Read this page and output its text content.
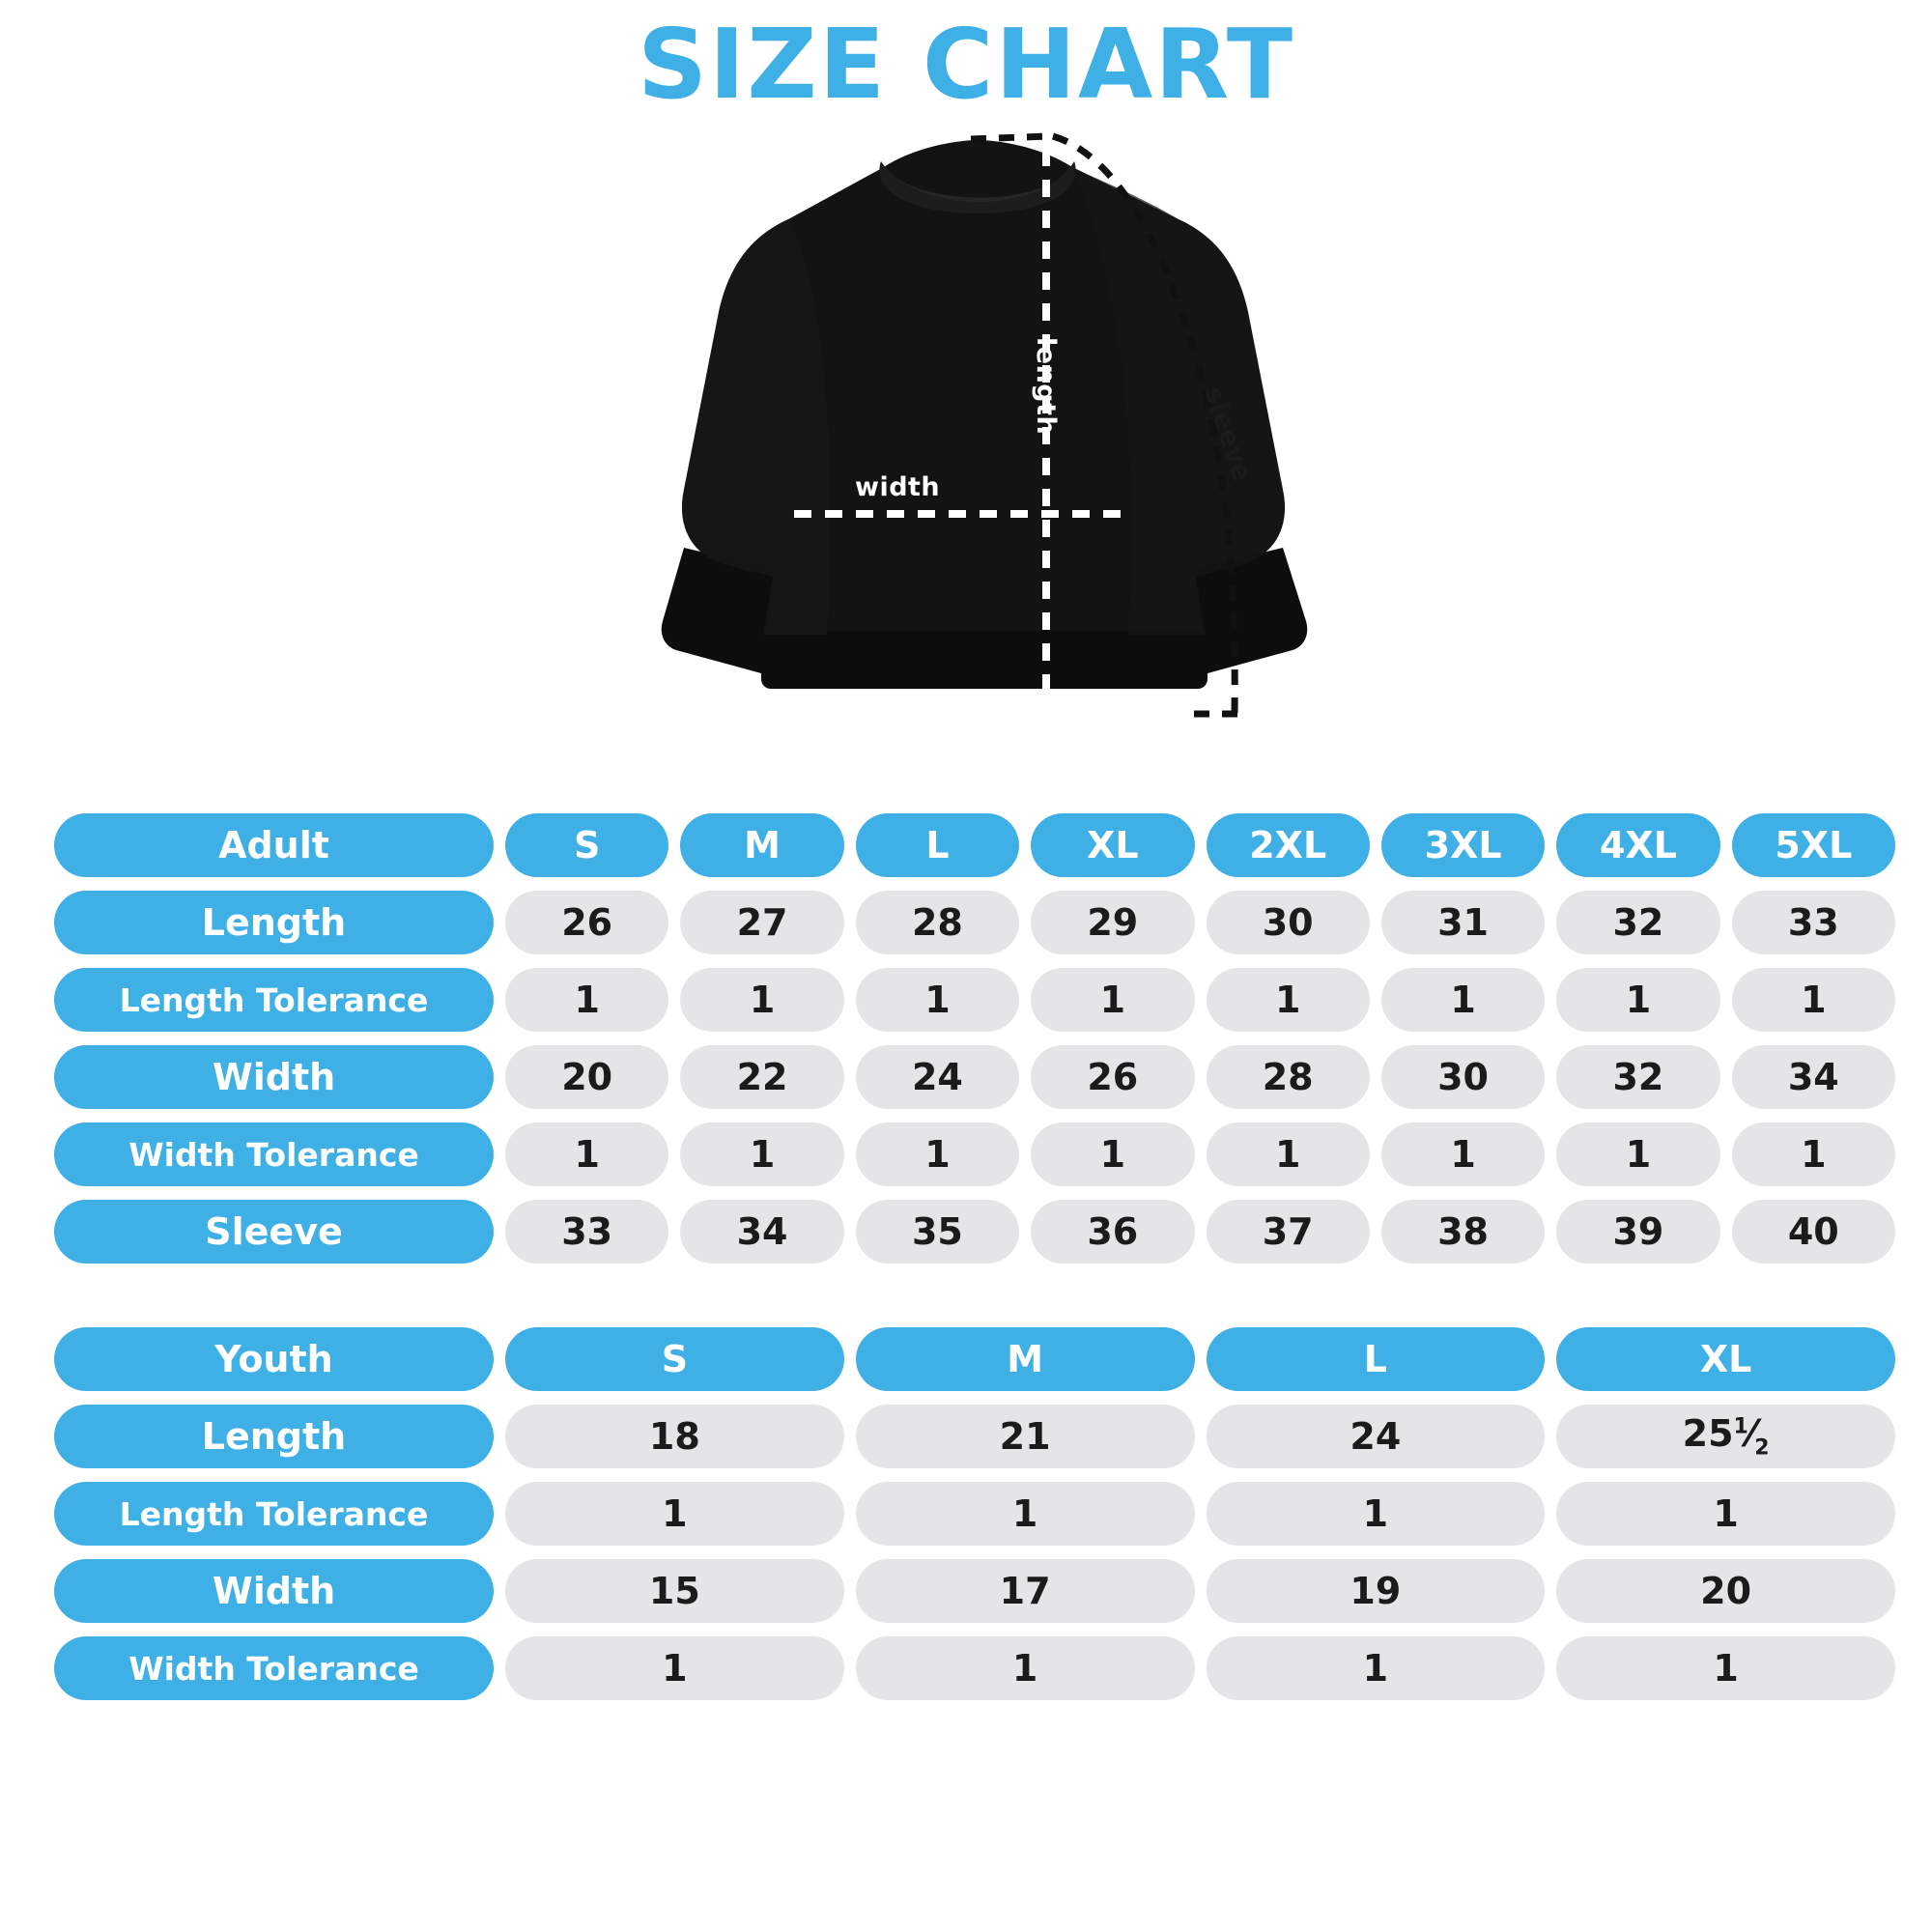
SIZE CHART
width
length	sleeve
Adult	S	M	L	XL	2XL	3XL	4XL	5XL
Length	26	27	28	29	30	31	32	33
Length Tolerance	1	1	1	1	1	1	1	1
Width	20	22	24	26	28	30	32	34
Width Tolerance	1	1	1	1	1	1	1	1
Sleeve	33	34	35	36	37	38	39	40
Youth	S	M	L	XL
Length	18	21	24	$25^1⁄_2$
Length Tolerance	1	1	1	1
Width	15	17	19	20
Width Tolerance	1	1	1	1
